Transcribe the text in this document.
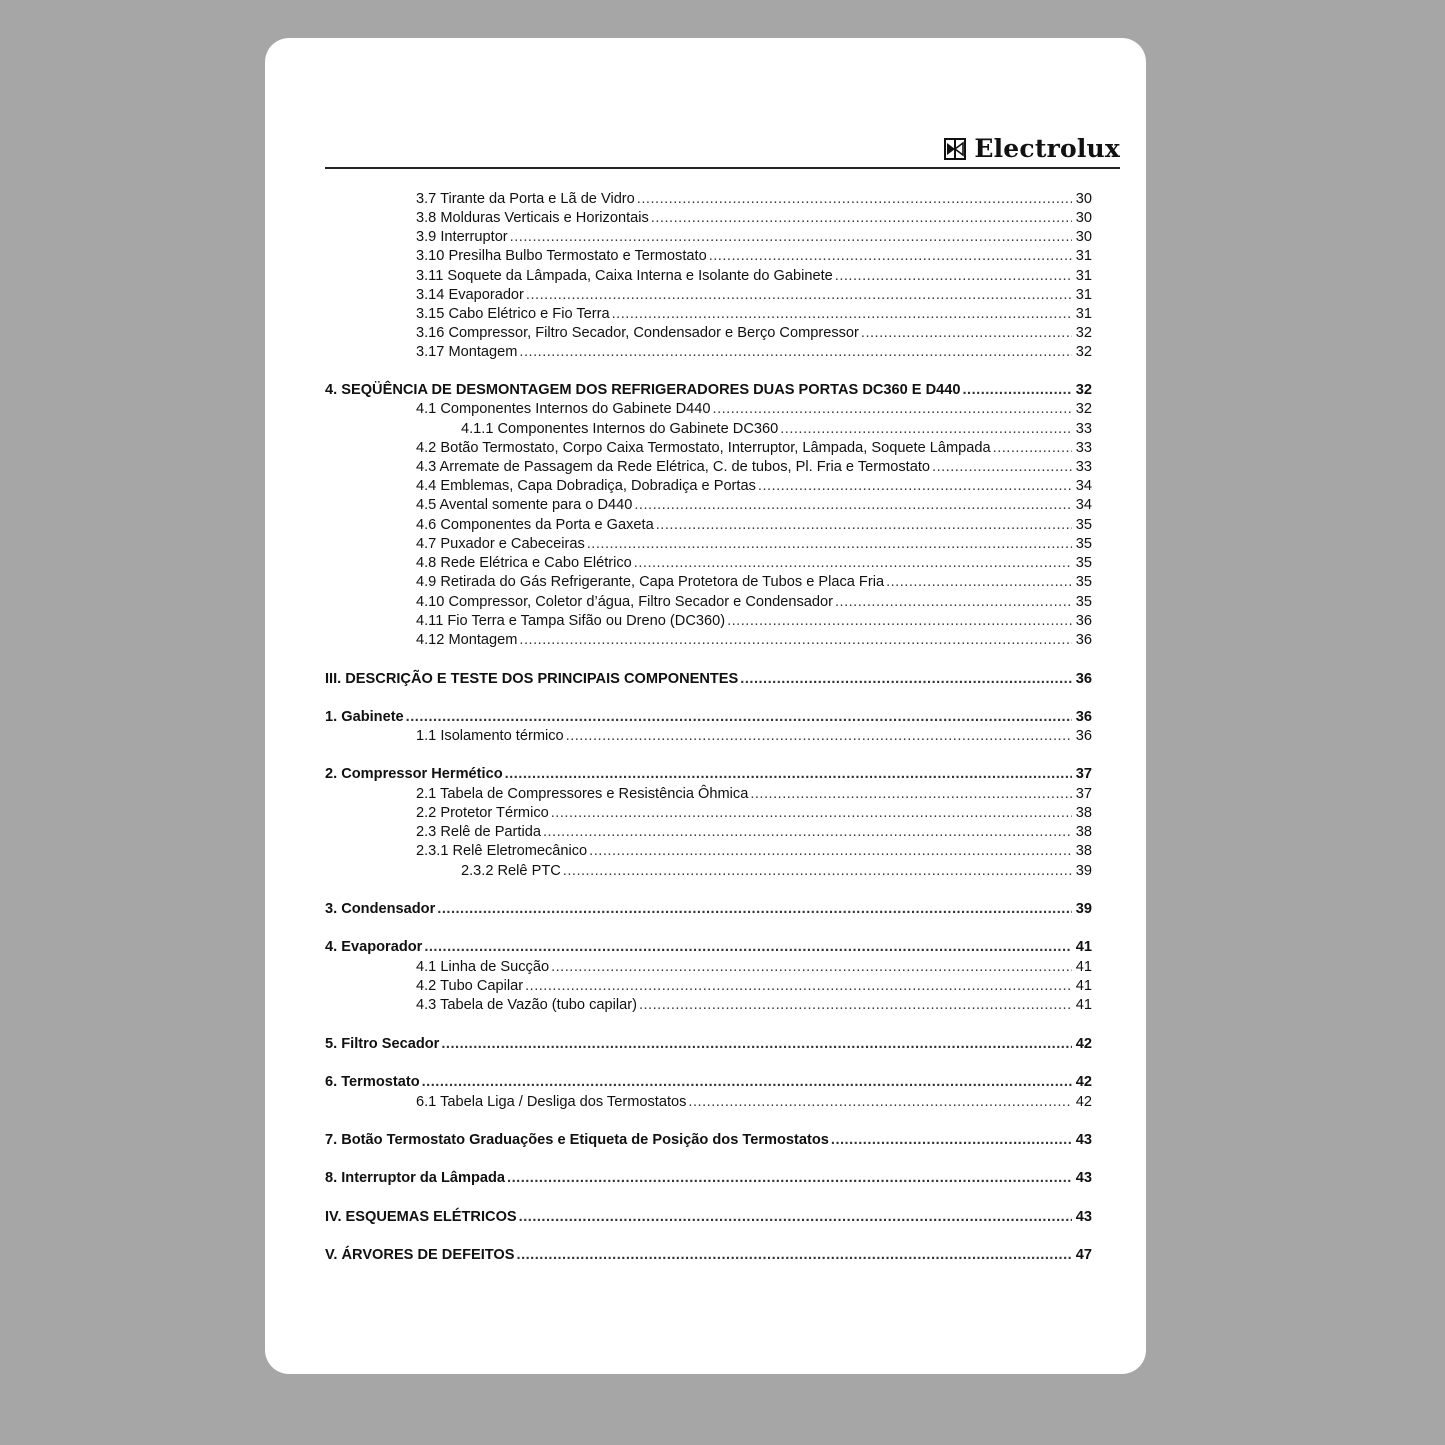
Electrolux
3.7 Tirante da Porta e Lã de Vidro .....	30
3.8 Molduras Verticais e Horizontais .....	30
3.9 Interruptor .....	30
3.10 Presilha Bulbo Termostato e Termostato .....	31
3.11 Soquete da Lâmpada, Caixa Interna e Isolante do Gabinete .....	31
3.14 Evaporador .....	31
3.15 Cabo Elétrico e Fio Terra .....	31
3.16 Compressor, Filtro Secador, Condensador e Berço Compressor .....	32
3.17 Montagem .....	32
4. SEQÜÊNCIA DE DESMONTAGEM DOS REFRIGERADORES DUAS PORTAS DC360 E D440 .....	32
4.1 Componentes Internos do Gabinete D440 .....	32
4.1.1 Componentes Internos do Gabinete DC360 .....	33
4.2 Botão Termostato, Corpo Caixa Termostato, Interruptor, Lâmpada, Soquete Lâmpada .....	33
4.3 Arremate de Passagem da Rede Elétrica, C. de tubos, Pl. Fria e Termostato .....	33
4.4 Emblemas, Capa Dobradiça, Dobradiça e Portas .....	34
4.5 Avental somente para o D440 .....	34
4.6 Componentes da Porta e Gaxeta .....	35
4.7 Puxador e Cabeceiras .....	35
4.8 Rede Elétrica e Cabo Elétrico .....	35
4.9 Retirada do Gás Refrigerante, Capa Protetora de Tubos e Placa Fria .....	35
4.10 Compressor, Coletor d’água, Filtro Secador e Condensador .....	35
4.11 Fio Terra e Tampa Sifão ou Dreno (DC360) .....	36
4.12 Montagem .....	36
III. DESCRIÇÃO E TESTE DOS PRINCIPAIS COMPONENTES .....	36
1. Gabinete .....	36
1.1 Isolamento térmico .....	36
2. Compressor Hermético .....	37
2.1 Tabela de Compressores e Resistência Ôhmica .....	37
2.2 Protetor Térmico .....	38
2.3 Relê de Partida .....	38
2.3.1 Relê Eletromecânico .....	38
2.3.2 Relê PTC .....	39
3. Condensador .....	39
4. Evaporador .....	41
4.1 Linha de Sucção .....	41
4.2 Tubo Capilar .....	41
4.3 Tabela de Vazão (tubo capilar) .....	41
5. Filtro Secador .....	42
6. Termostato .....	42
6.1 Tabela Liga / Desliga dos Termostatos .....	42
7. Botão Termostato Graduações e Etiqueta de Posição dos Termostatos .....	43
8. Interruptor da Lâmpada .....	43
IV. ESQUEMAS ELÉTRICOS .....	43
V. ÁRVORES DE DEFEITOS .....	47
